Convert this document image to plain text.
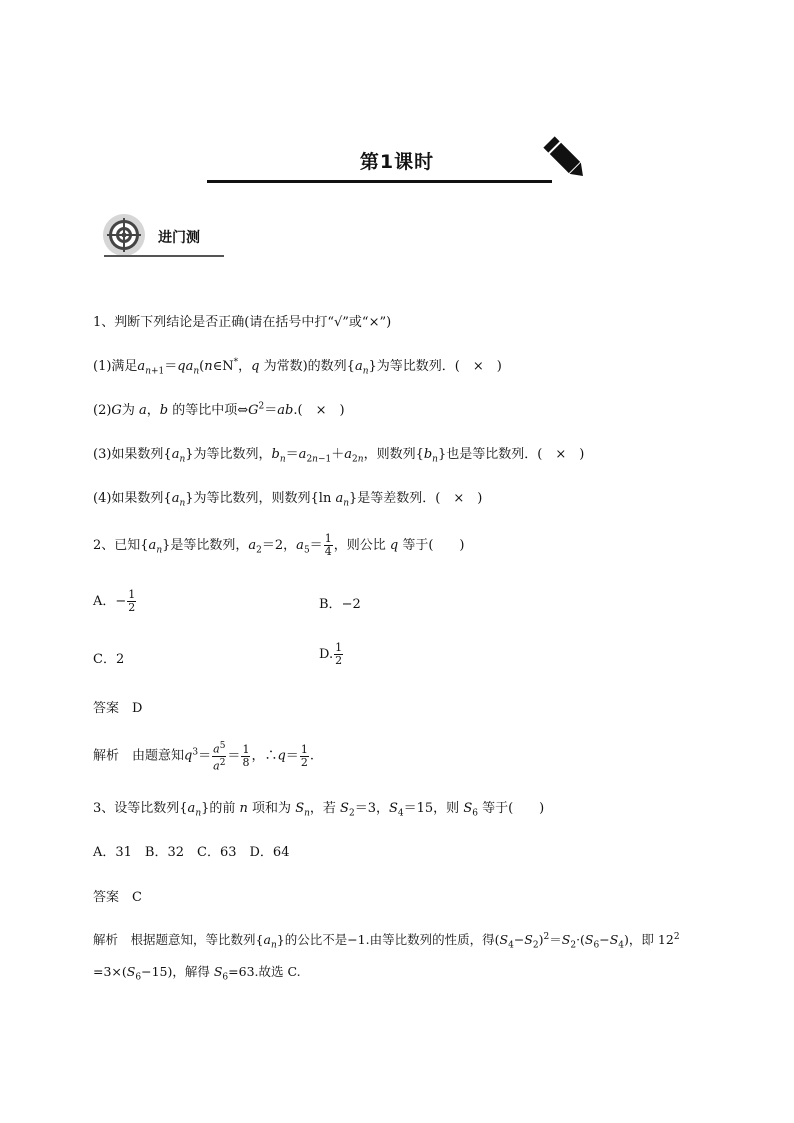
第1课时
进门测
1、判断下列结论是否正确(请在括号中打“√”或“×”)
(1)满足$a_{n+1}=qa_n(n\in N^*$，q 为常数)的数列$\{a_n\}$为等比数列．(　 ×　)
(2)G为 a，b 的等比中项$\Leftrightarrow G^2=ab$.(　 ×　)
(3)如果数列$\{a_n\}$为等比数列，$b_n=a_{2n-1}+a_{2n}$，则数列$\{b_n\}$也是等比数列．(　 ×　)
(4)如果数列$\{a_n\}$为等比数列，则数列{ln $a_n$}是等差数列．(　 ×　)
2、已知$\{a_n\}$是等比数列，$a_2=2$，$a_5= \frac{1}{4}$ ，则公比 q 等于(　　)
A．− $\frac{1}{2}$	B．−2
C．2	D. $\frac{1}{2}$
答案　 D
解析　 由题意知$q^3= \frac{a^5}{a^2} = \frac{1}{8}$ ，∴q＝ $\frac{1}{2}$ .
3、设等比数列$\{a_n\}$的前 n 项和为 $S_n$，若 $S_2=3$，$S_4=15$，则 $S_6$ 等于(　　)
A．31　B．32　C．63　D．64
答案　 C
解析　 根据题意知，等比数列$\{a_n\}$的公比不是−1.由等比数列的性质，得$(S_4-S_2)^2=S_2\cdot(S_6-S_4)$，即 $12^2$
$=3\times(S_6-15)$，解得 $S_6=63$.故选 C.
